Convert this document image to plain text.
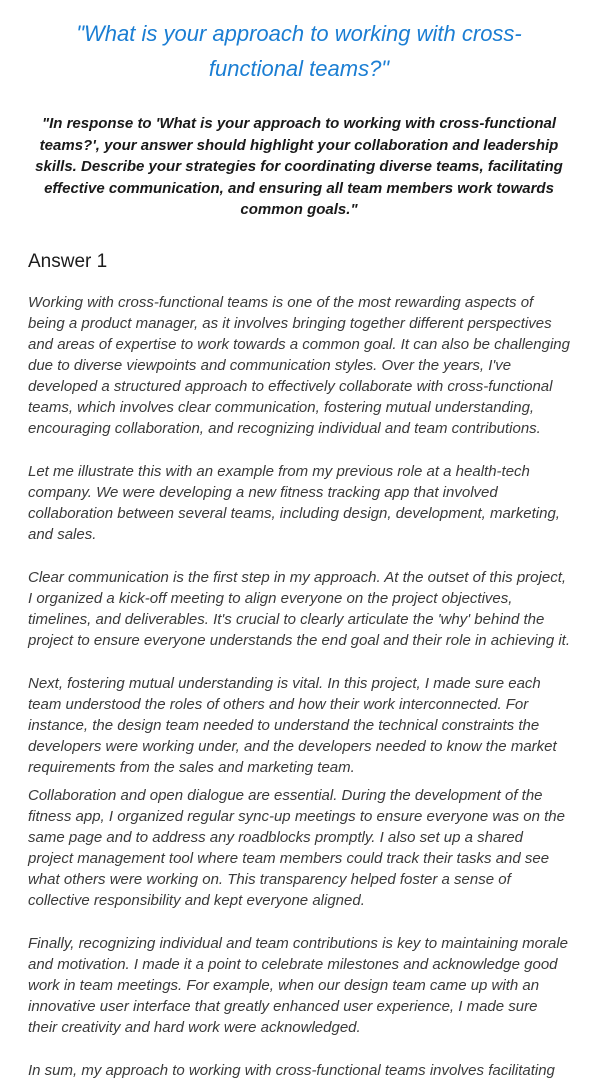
"What is your approach to working with cross-functional teams?"

"In response to 'What is your approach to working with cross-functional teams?', your answer should highlight your collaboration and leadership skills. Describe your strategies for coordinating diverse teams, facilitating effective communication, and ensuring all team members work towards common goals."

Answer 1

Working with cross-functional teams is one of the most rewarding aspects of being a product manager, as it involves bringing together different perspectives and areas of expertise to work towards a common goal. It can also be challenging due to diverse viewpoints and communication styles. Over the years, I've developed a structured approach to effectively collaborate with cross-functional teams, which involves clear communication, fostering mutual understanding, encouraging collaboration, and recognizing individual and team contributions.

Let me illustrate this with an example from my previous role at a health-tech company. We were developing a new fitness tracking app that involved collaboration between several teams, including design, development, marketing, and sales.

Clear communication is the first step in my approach. At the outset of this project, I organized a kick-off meeting to align everyone on the project objectives, timelines, and deliverables. It's crucial to clearly articulate the 'why' behind the project to ensure everyone understands the end goal and their role in achieving it.

Next, fostering mutual understanding is vital. In this project, I made sure each team understood the roles of others and how their work interconnected. For instance, the design team needed to understand the technical constraints the developers were working under, and the developers needed to know the market requirements from the sales and marketing team.

Collaboration and open dialogue are essential. During the development of the fitness app, I organized regular sync-up meetings to ensure everyone was on the same page and to address any roadblocks promptly. I also set up a shared project management tool where team members could track their tasks and see what others were working on. This transparency helped foster a sense of collective responsibility and kept everyone aligned.

Finally, recognizing individual and team contributions is key to maintaining morale and motivation. I made it a point to celebrate milestones and acknowledge good work in team meetings. For example, when our design team came up with an innovative user interface that greatly enhanced user experience, I made sure their creativity and hard work were acknowledged.

In sum, my approach to working with cross-functional teams involves facilitating
